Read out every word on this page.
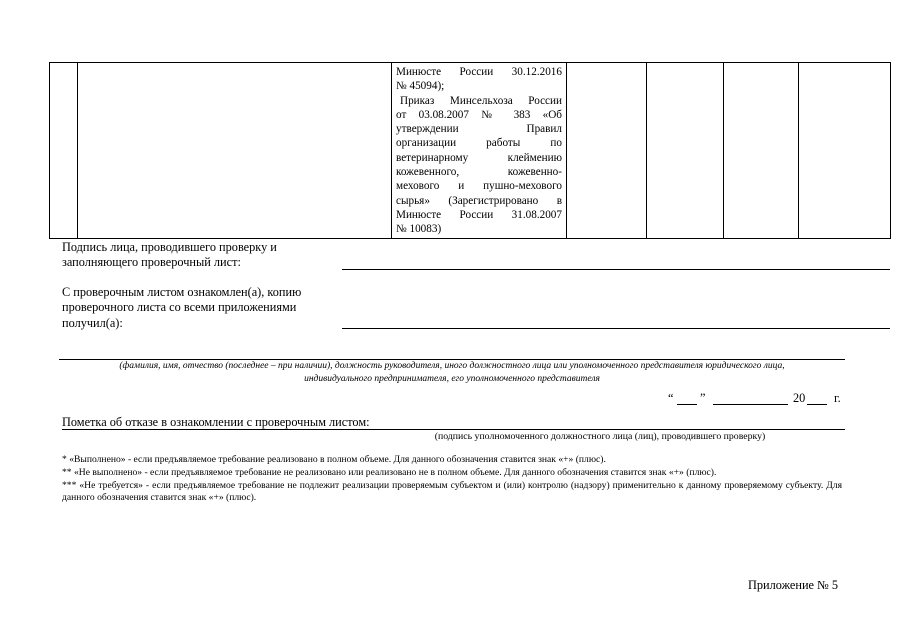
Минюсте России 30.12.2016
№ 45094);
Приказ Минсельхоза России
от 03.08.2007 № 383 «Об
утверждении Правил
организации работы по
ветеринарному клеймению
кожевенного, кожевенно-
мехового и пушно-мехового
сырья» (Зарегистрировано в
Минюсте России 31.08.2007
№ 10083)

Подпись лица, проводившего проверку и
заполняющего проверочный лист:
С проверочным листом ознакомлен(а), копию
проверочного листа со всеми приложениями
получил(а):
(фамилия, имя, отчество (последнее – при наличии), должность руководителя, иного должностного лица или уполномоченного представителя юридического лица,
индивидуального предпринимателя, его уполномоченного представителя
“ ”	20 г.
Пометка об отказе в ознакомлении с проверочным листом:
(подпись уполномоченного должностного лица (лиц), проводившего проверку)
* «Выполнено» - если предъявляемое требование реализовано в полном объеме. Для данного обозначения ставится знак «+» (плюс).
** «Не выполнено» - если предъявляемое требование не реализовано или реализовано не в полном объеме. Для данного обозначения ставится знак «+» (плюс).
*** «Не требуется» - если предъявляемое требование не подлежит реализации проверяемым субъектом и (или) контролю (надзору) применительно к данному проверяемому субъекту. Для данного обозначения ставится знак «+» (плюс).
Приложение № 5
